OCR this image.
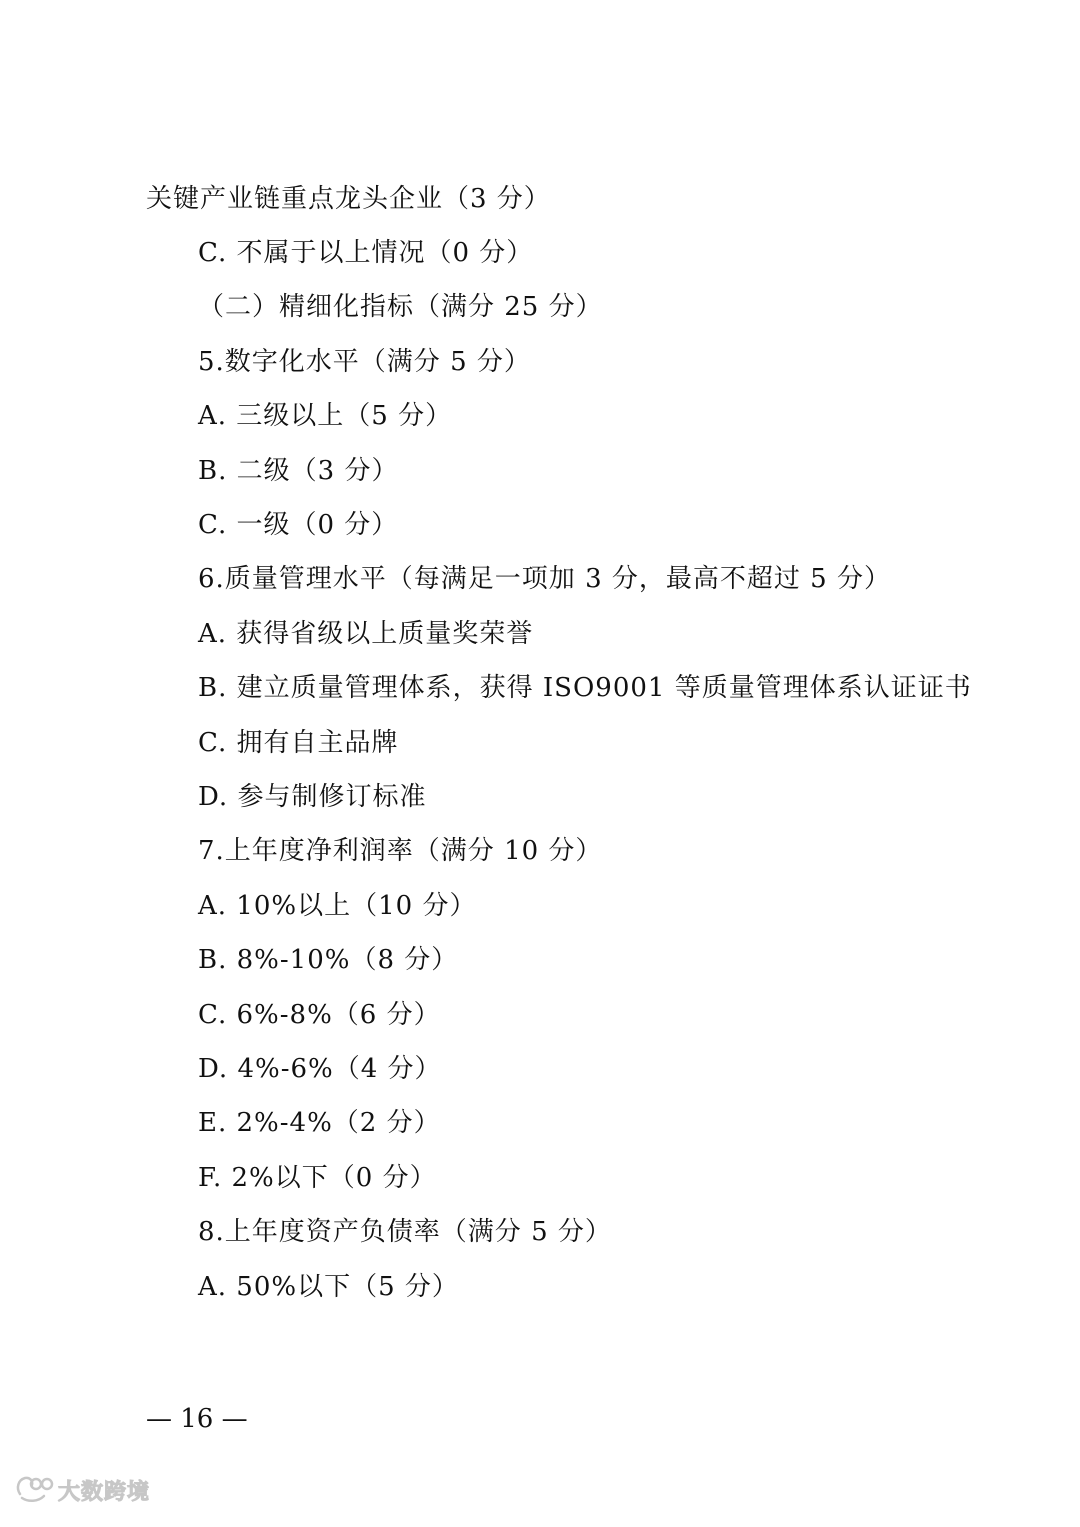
关键产业链重点龙头企业（3 分）
C. 不属于以上情况（0 分）
（二）精细化指标（满分 25 分）
5.数字化水平（满分 5 分）
A. 三级以上（5 分）
B. 二级（3 分）
C. 一级（0 分）
6.质量管理水平（每满足一项加 3 分，最高不超过 5 分）
A. 获得省级以上质量奖荣誉
B. 建立质量管理体系，获得 ISO9001 等质量管理体系认证证书
C. 拥有自主品牌
D. 参与制修订标准
7.上年度净利润率（满分 10 分）
A. 10%以上（10 分）
B. 8%-10%（8 分）
C. 6%-8%（6 分）
D. 4%-6%（4 分）
E. 2%-4%（2 分）
F. 2%以下（0 分）
8.上年度资产负债率（满分 5 分）
A. 50%以下（5 分）
— 16 —
大数跨境
